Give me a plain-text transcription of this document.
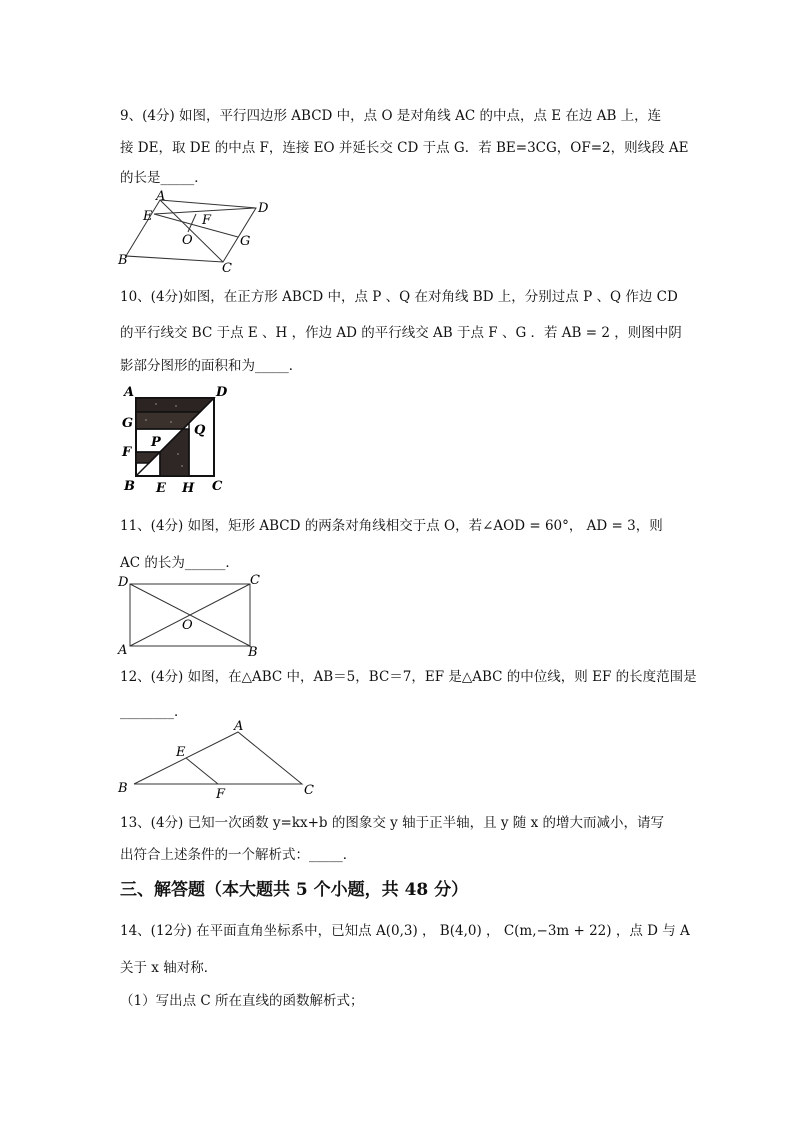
9、(4分) 如图，平行四边形 ABCD 中，点 O 是对角线 AC 的中点，点 E 在边 AB 上，连
接 DE，取 DE 的中点 F，连接 EO 并延长交 CD 于点 G．若 BE=3CG，OF=2，则线段 AE
的长是_____．
A
D
E	F
O	G
B
C
10、(4分)如图，在正方形 ABCD 中，点 P 、Q 在对角线 BD 上，分别过点 P 、Q 作边 CD
的平行线交 BC 于点 E 、H ，作边 AD 的平行线交 AB 于点 F 、G ．若 AB = 2 ，则图中阴
影部分图形的面积和为_____．
A	D
G	Q
P
F
B E H C
11、(4分) 如图，矩形 ABCD 的两条对角线相交于点 O，若∠AOD = 60°， AD = 3，则
AC 的长为______．
D	C
O
A	B
12、(4分) 如图，在△ABC 中，AB＝5，BC＝7，EF 是△ABC 的中位线，则 EF 的长度范围是
________．
A
E
B	F	C
13、(4分) 已知一次函数 y=kx+b 的图象交 y 轴于正半轴，且 y 随 x 的增大而减小，请写
出符合上述条件的一个解析式：_____．
三、解答题（本大题共 5 个小题，共 48 分）
14、(12分) 在平面直角坐标系中，已知点 A(0,3) ， B(4,0) ， C(m,−3m + 22) ，点 D 与 A
关于 x 轴对称．
（1）写出点 C 所在直线的函数解析式；
